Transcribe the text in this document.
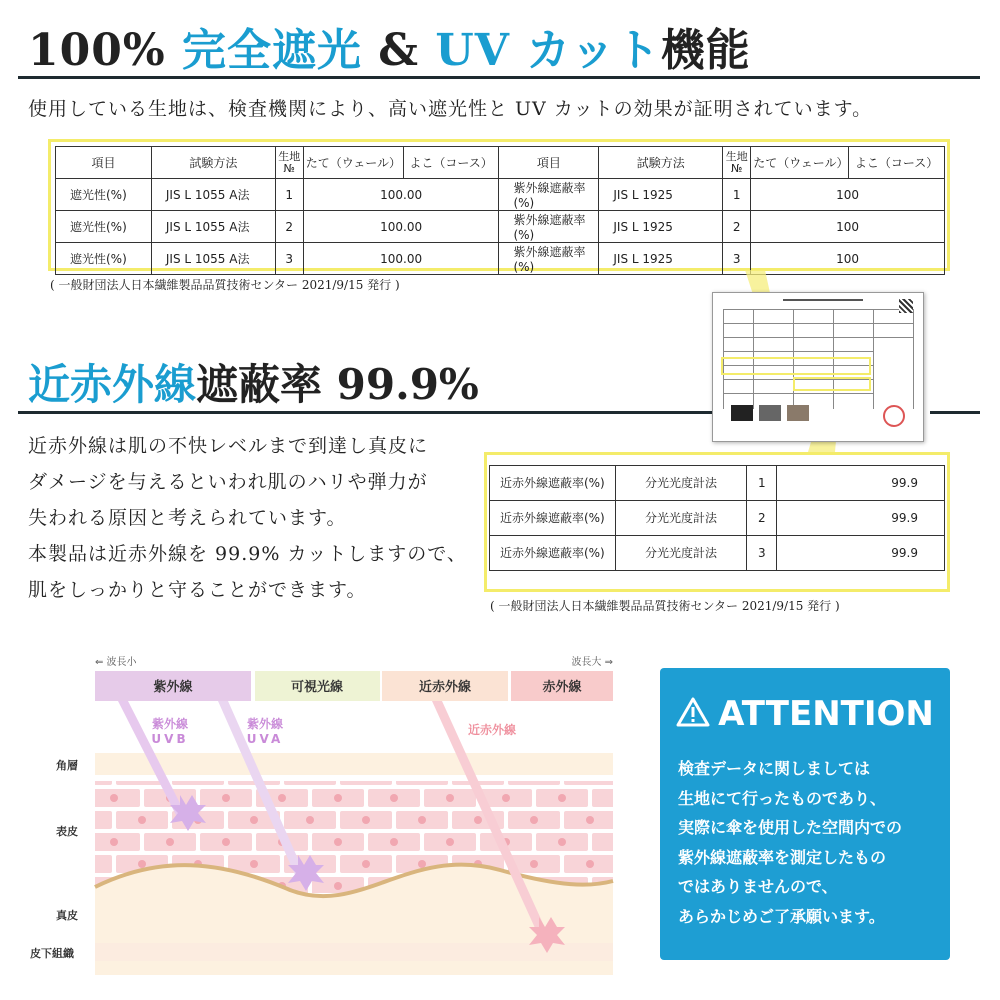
100% 完全遮光 & UV カット機能
使用している生地は、検査機関により、高い遮光性と UV カットの効果が証明されています。
項目	試験方法	生地№	たて（ウェール）	よこ（コース）	項目	試験方法	生地№	たて（ウェール）	よこ（コース）
遮光性(%)	JIS L 1055 A法	1	100.00		紫外線遮蔽率(%)	JIS L 1925	1	100	
遮光性(%)	JIS L 1055 A法	2	100.00		紫外線遮蔽率(%)	JIS L 1925	2	100	
遮光性(%)	JIS L 1055 A法	3	100.00		紫外線遮蔽率(%)	JIS L 1925	3	100	
( 一般財団法人日本繊維製品品質技術センター 2021/9/15 発行 )
近赤外線遮蔽率 99.9%
近赤外線は肌の不快レベルまで到達し真皮に
ダメージを与えるといわれ肌のハリや弾力が
失われる原因と考えられています。
本製品は近赤外線を 99.9% カットしますので、
肌をしっかりと守ることができます。
近赤外線遮蔽率(%)	分光光度計法	1	99.9
近赤外線遮蔽率(%)	分光光度計法	2	99.9
近赤外線遮蔽率(%)	分光光度計法	3	99.9
( 一般財団法人日本繊維製品品質技術センター 2021/9/15 発行 )
⇐ 波長小	波長大 ⇒
紫外線	可視光線	近赤外線	赤外線
角層
表皮
真皮
皮下組織
紫外線
UVB
紫外線
UVA
近赤外線	ATTENTION
検査データに関しましては
生地にて行ったものであり、
実際に傘を使用した空間内での
紫外線遮蔽率を測定したもの
ではありませんので、
あらかじめご了承願います。
